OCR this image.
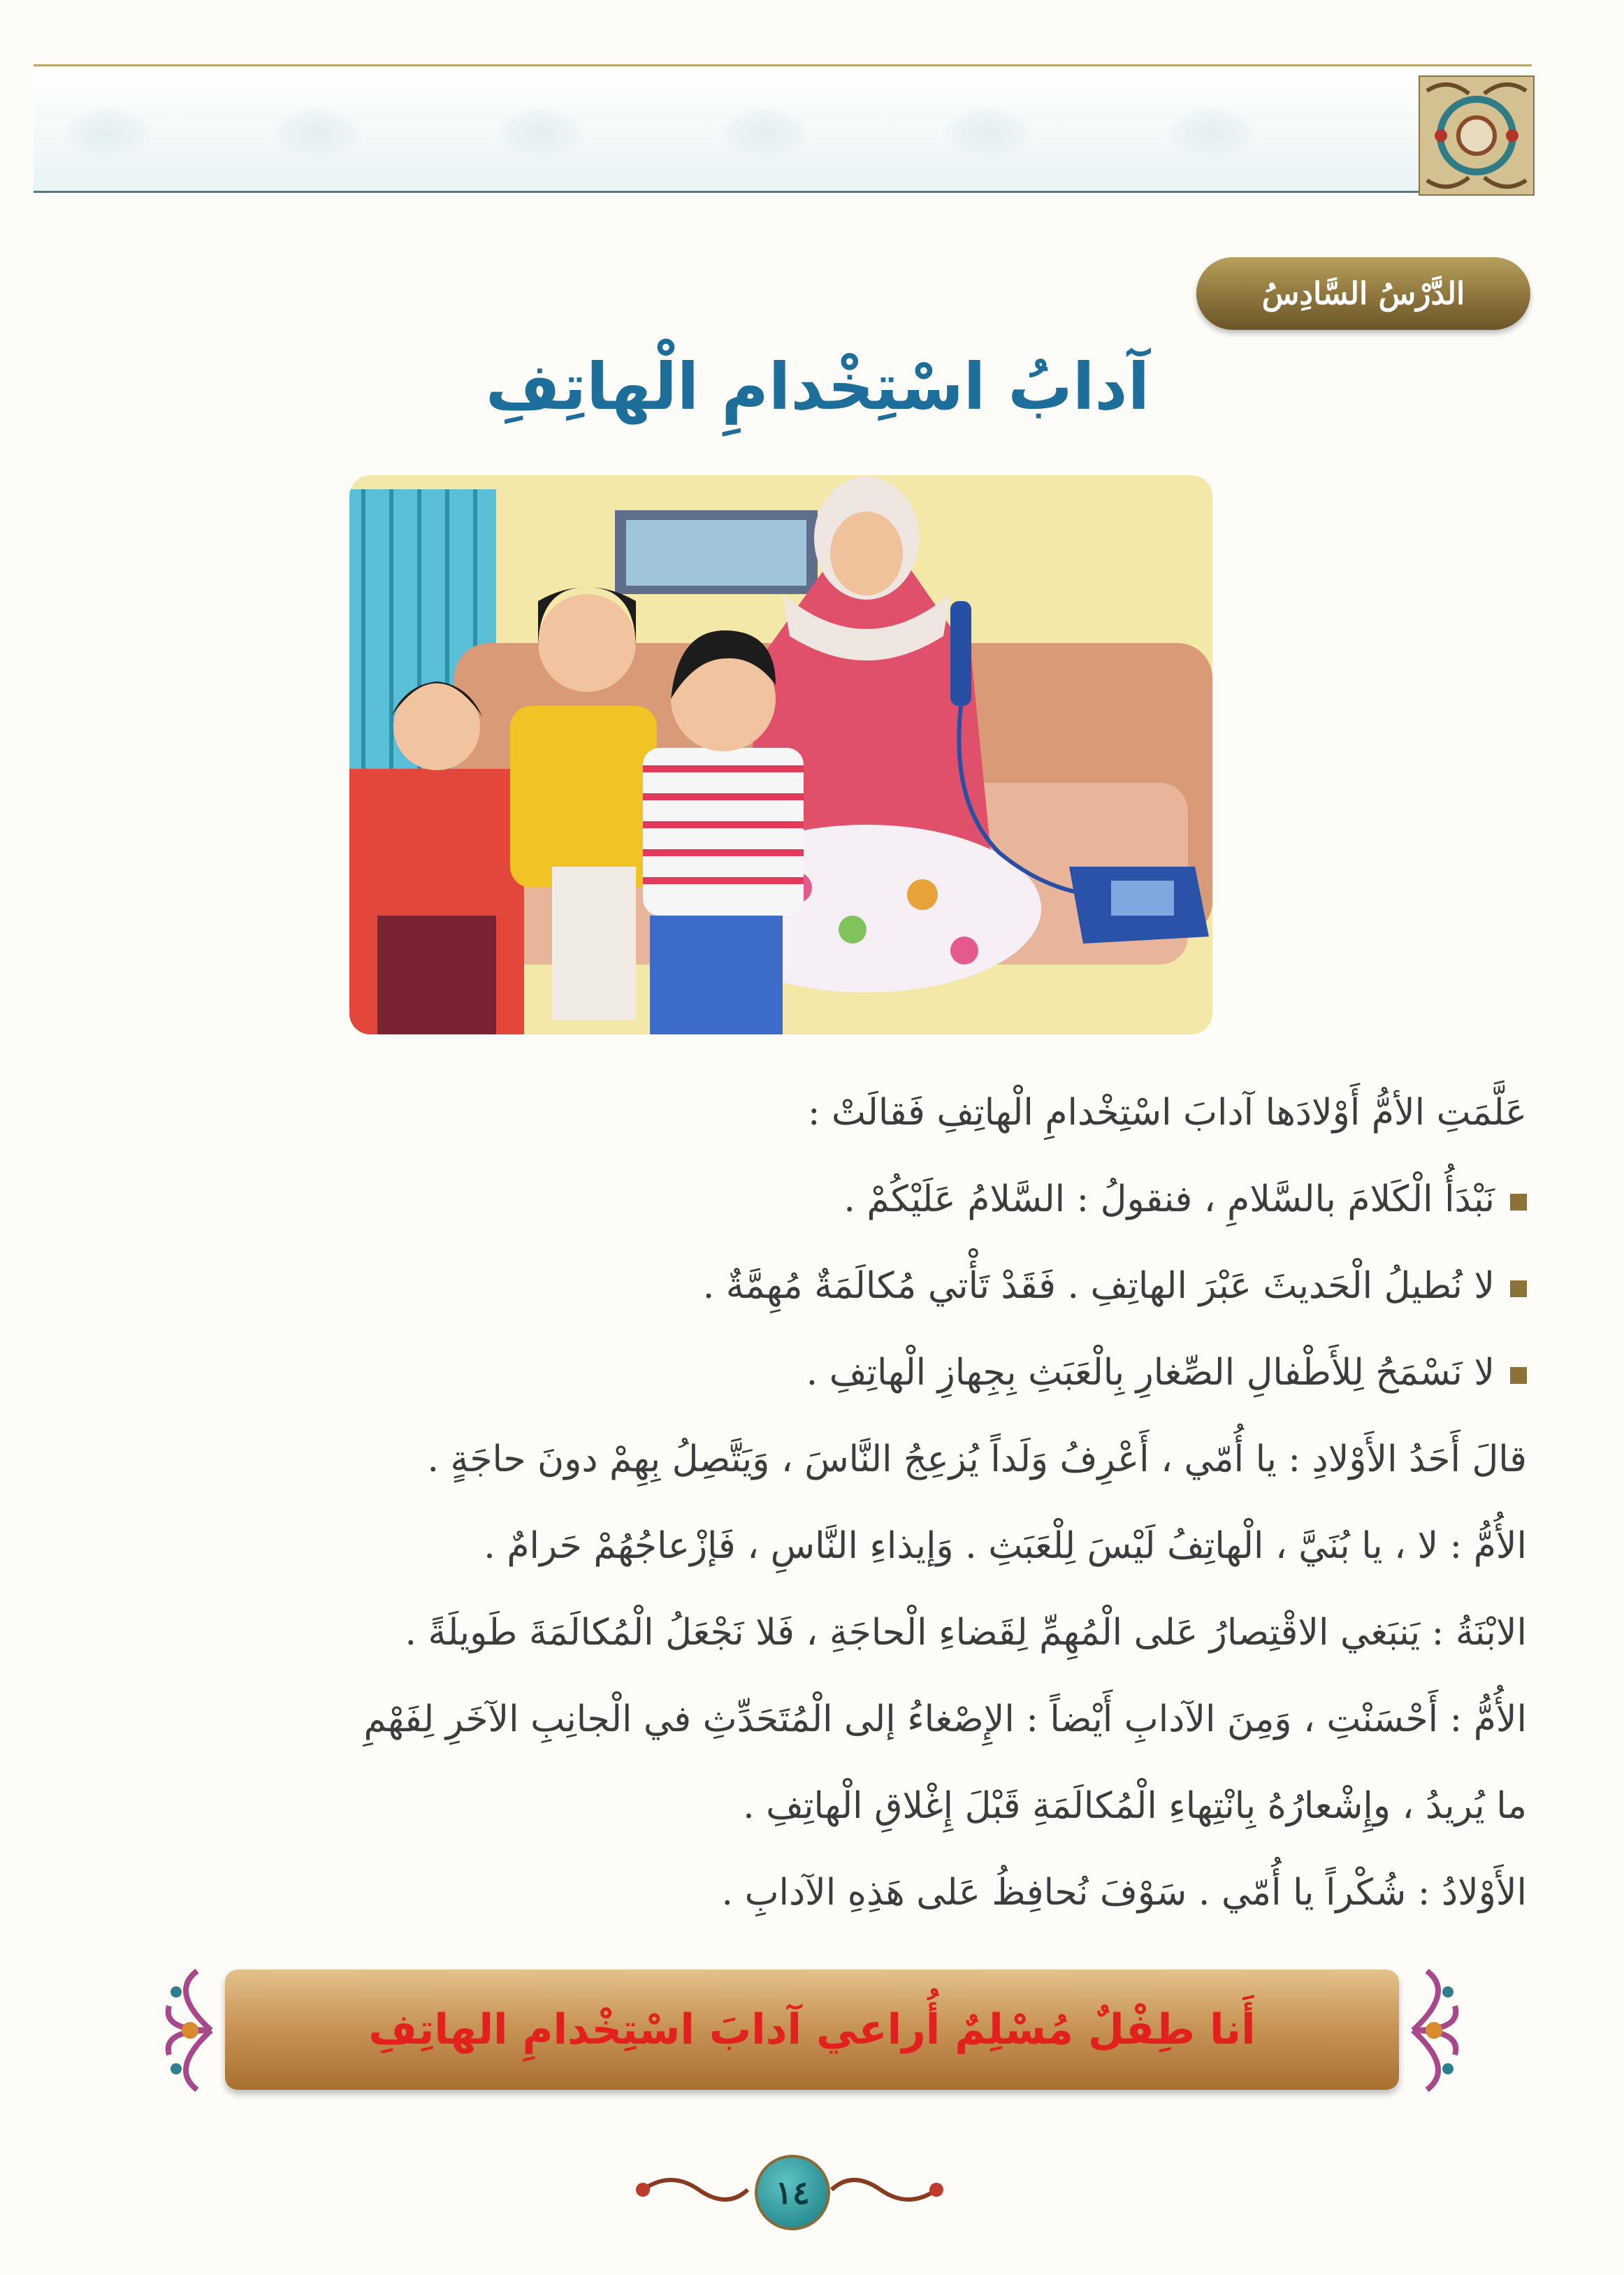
الدَّرْسُ السَّادِسُ
آدابُ اسْتِخْدامِ الْهاتِفِ

عَلَّمَتِ الأمُّ أَوْلادَها آدابَ اسْتِخْدامِ الْهاتِفِ فَقالَتْ :

نَبْدَأُ الْكَلامَ بالسَّلامِ ، فنقولُ : السَّلامُ عَلَيْكُمْ .

لا نُطيلُ الْحَديثَ عَبْرَ الهاتِفِ . فَقَدْ تَأْتي مُكالَمَةٌ مُهِمَّةٌ .

لا نَسْمَحُ لِلأَطْفالِ الصِّغارِ بِالْعَبَثِ بِجِهازِ الْهاتِفِ .

قالَ أَحَدُ الأَوْلادِ : يا أُمّي ، أَعْرِفُ وَلَداً يُزعِجُ النَّاسَ ، وَيَتَّصِلُ بِهِمْ دونَ حاجَةٍ .

الأُمُّ : لا ، يا بُنَيَّ ، الْهاتِفُ لَيْسَ لِلْعَبَثِ . وَإيذاءِ النَّاسِ ، فَإزْعاجُهُمْ حَرامٌ .

الابْنَةُ : يَنبَغي الاقْتِصارُ عَلى الْمُهِمِّ لِقَضاءِ الْحاجَةِ ، فَلا نَجْعَلُ الْمُكالَمَةَ طَويلَةً .

الأُمُّ : أَحْسَنْتِ ، وَمِنَ الآدابِ أَيْضاً : الإِصْغاءُ إلى الْمُتَحَدِّثِ في الْجانِبِ الآخَرِ لِفَهْمِ

ما يُريدُ ، وإِشْعارُهُ بِانْتِهاءِ الْمُكالَمَةِ قَبْلَ إِغْلاقِ الْهاتِفِ .

الأَوْلادُ : شُكْراً يا أُمّي . سَوْفَ نُحافِظُ عَلى هَذِهِ الآدابِ .

أَنا طِفْلٌ مُسْلِمٌ أُراعي آدابَ اسْتِخْدامِ الهاتِفِ
١٤
